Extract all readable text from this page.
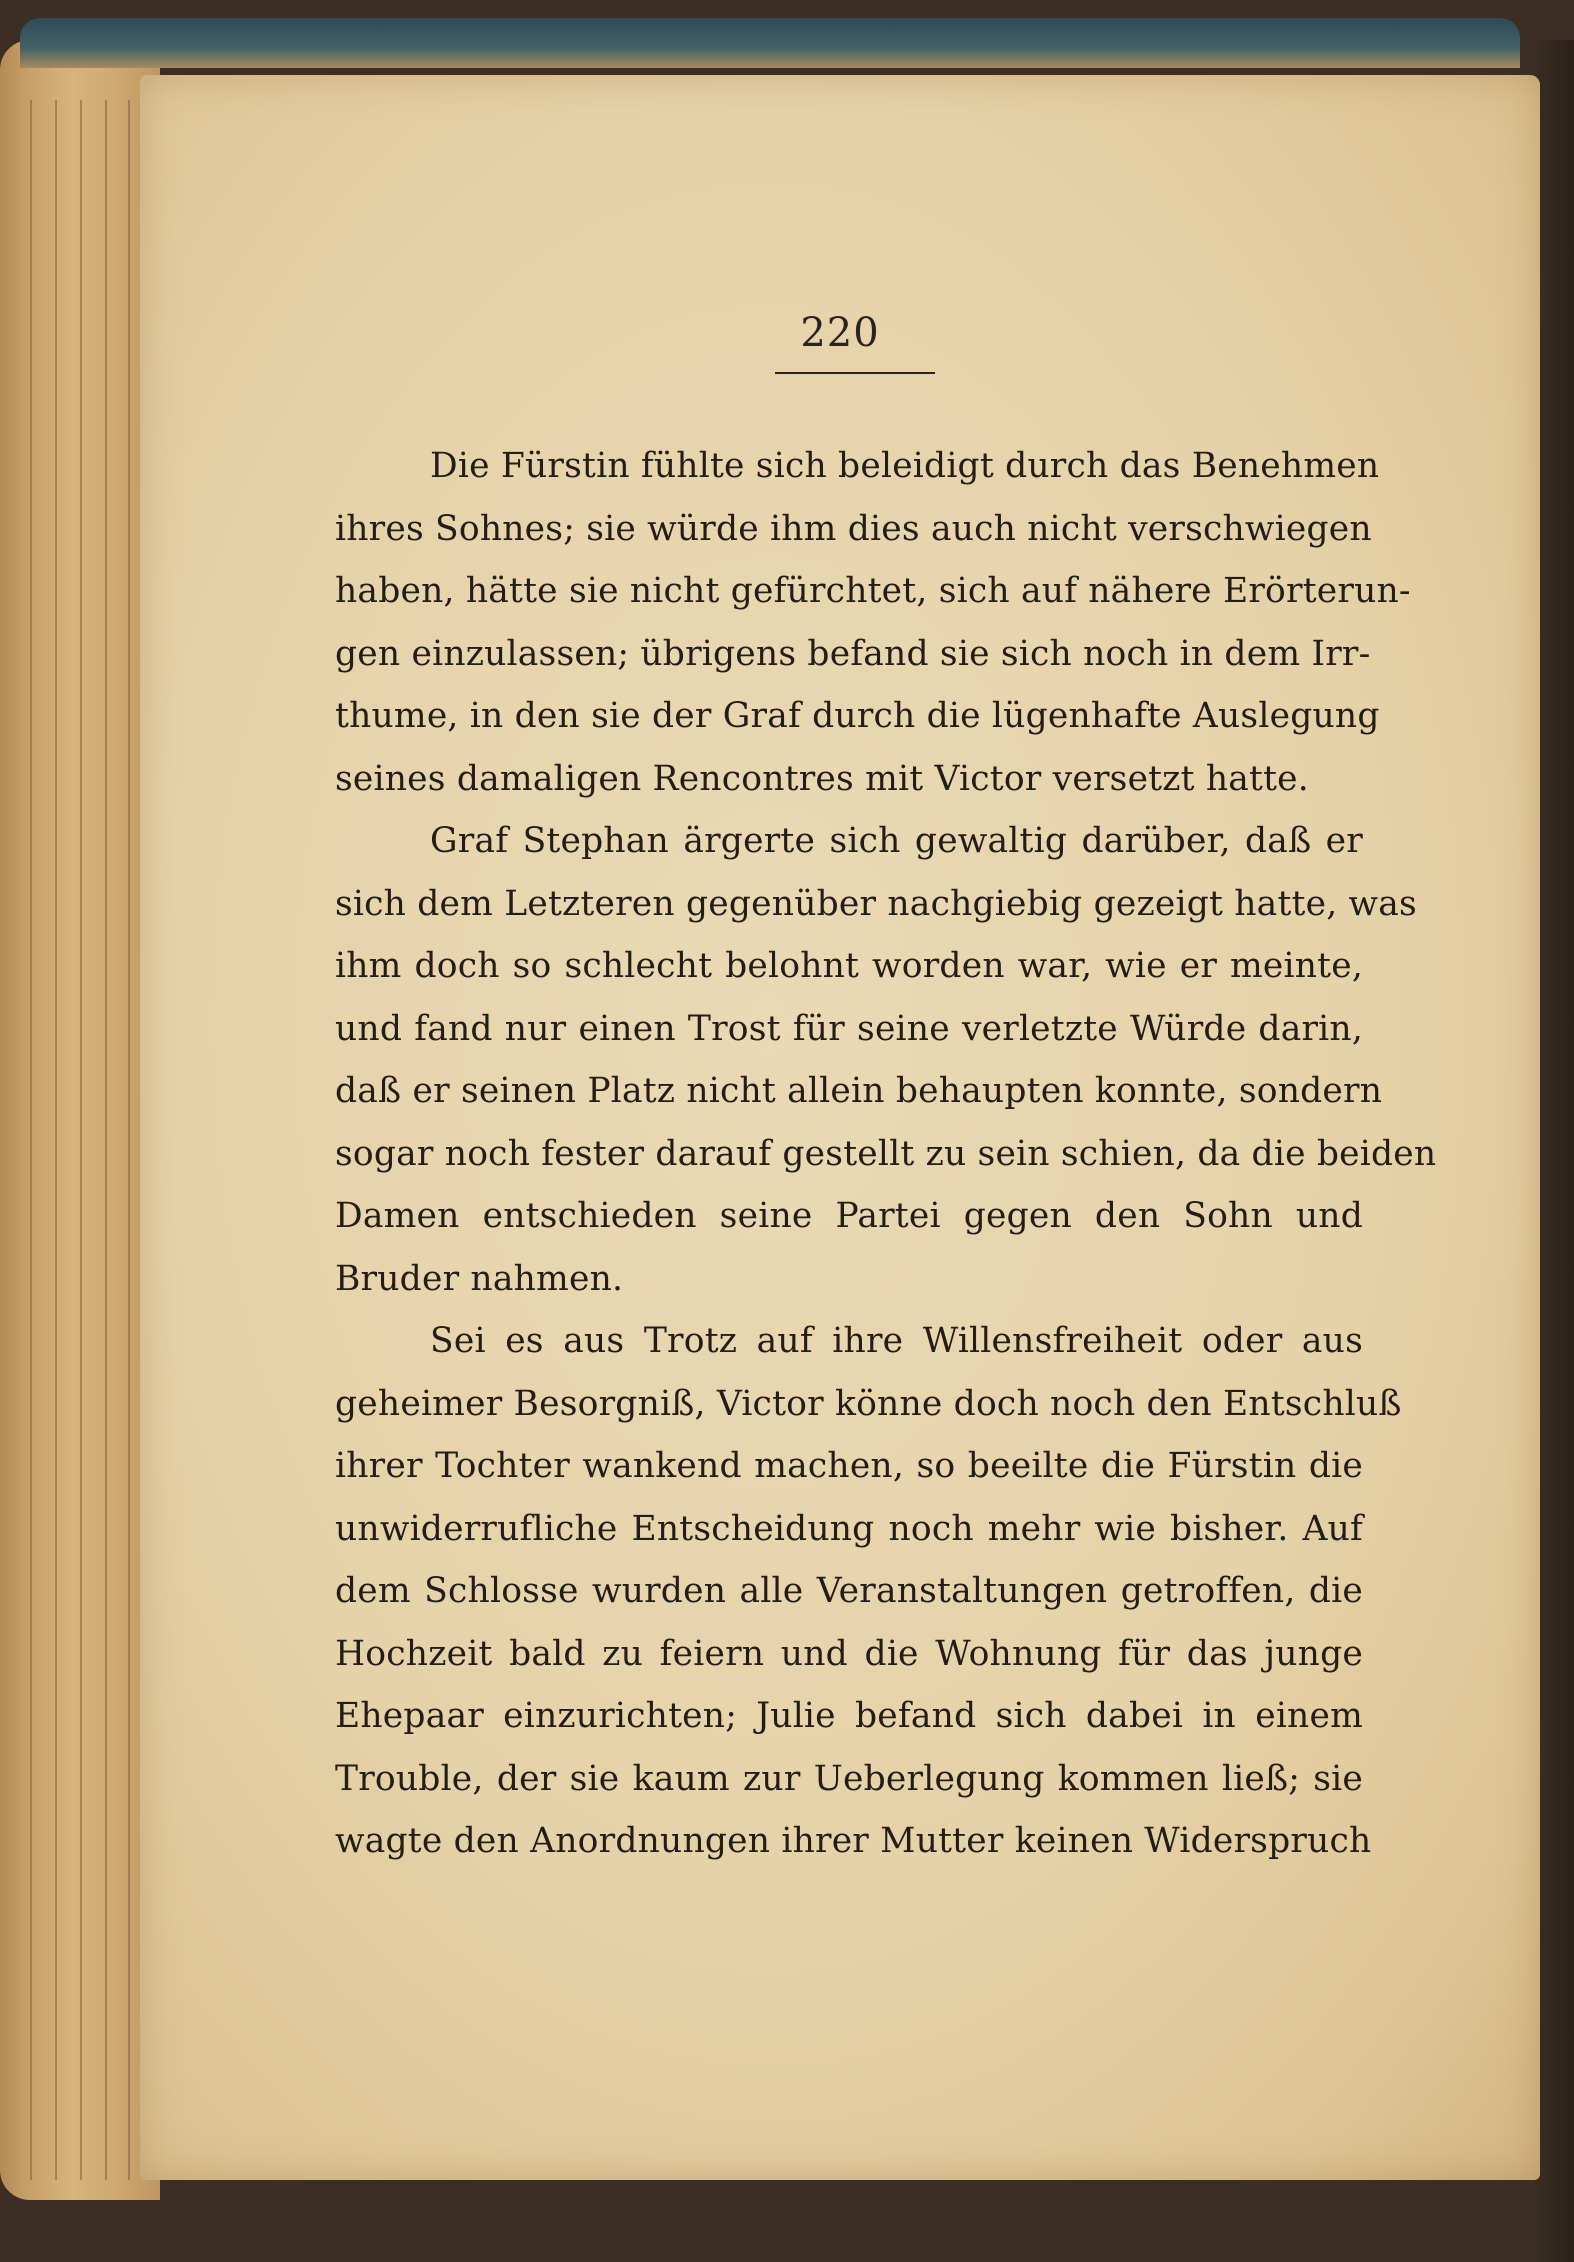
220
Die Fürstin fühlte sich beleidigt durch das Benehmen
ihres Sohnes; sie würde ihm dies auch nicht verschwiegen
haben, hätte sie nicht gefürchtet, sich auf nähere Erörterun-
gen einzulassen; übrigens befand sie sich noch in dem Irr-
thume, in den sie der Graf durch die lügenhafte Auslegung
seines damaligen Rencontres mit Victor versetzt hatte.
Graf Stephan ärgerte sich gewaltig darüber, daß er
sich dem Letzteren gegenüber nachgiebig gezeigt hatte, was
ihm doch so schlecht belohnt worden war, wie er meinte,
und fand nur einen Trost für seine verletzte Würde darin,
daß er seinen Platz nicht allein behaupten konnte, sondern
sogar noch fester darauf gestellt zu sein schien, da die beiden
Damen entschieden seine Partei gegen den Sohn und
Bruder nahmen.
Sei es aus Trotz auf ihre Willensfreiheit oder aus
geheimer Besorgniß, Victor könne doch noch den Entschluß
ihrer Tochter wankend machen, so beeilte die Fürstin die
unwiderrufliche Entscheidung noch mehr wie bisher. Auf
dem Schlosse wurden alle Veranstaltungen getroffen, die
Hochzeit bald zu feiern und die Wohnung für das junge
Ehepaar einzurichten; Julie befand sich dabei in einem
Trouble, der sie kaum zur Ueberlegung kommen ließ; sie
wagte den Anordnungen ihrer Mutter keinen Widerspruch
